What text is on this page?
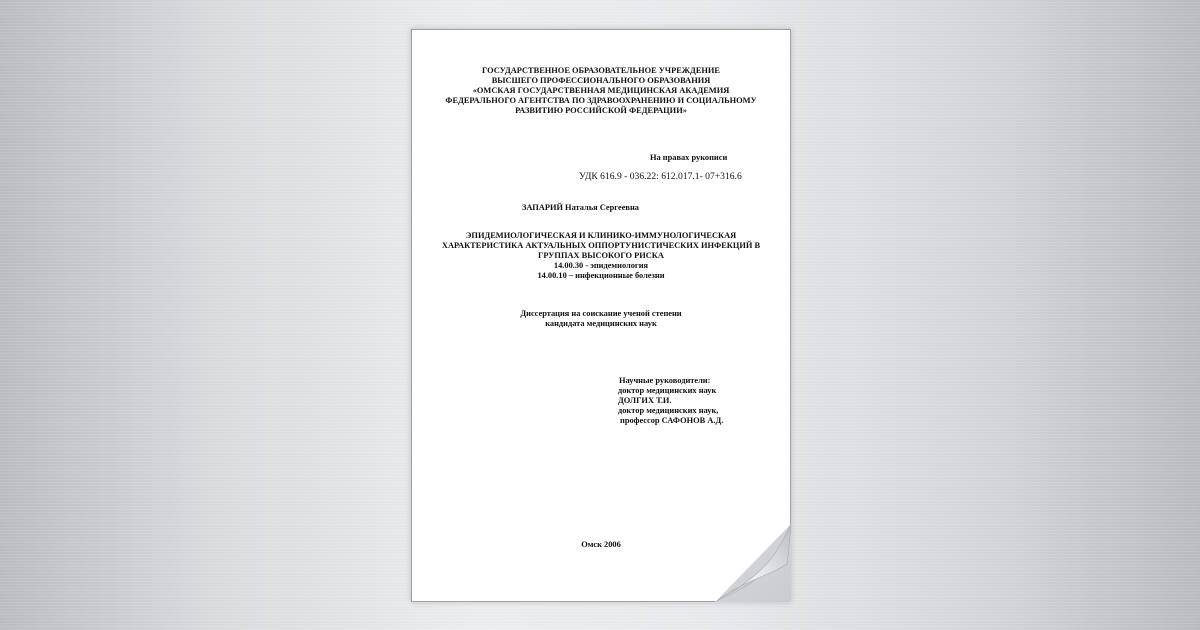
ГОСУДАРСТВЕННОЕ ОБРАЗОВАТЕЛЬНОЕ УЧРЕЖДЕНИЕ
ВЫСШЕГО ПРОФЕССИОНАЛЬНОГО ОБРАЗОВАНИЯ
«ОМСКАЯ ГОСУДАРСТВЕННАЯ МЕДИЦИНСКАЯ АКАДЕМИЯ
ФЕДЕРАЛЬНОГО АГЕНТСТВА ПО ЗДРАВООХРАНЕНИЮ И СОЦИАЛЬНОМУ
РАЗВИТИЮ РОССИЙСКОЙ ФЕДЕРАЦИИ»
На правах рукописи
УДК 616.9 - 036.22: 612.017.1- 07+316.6
ЗАПАРИЙ Наталья Сергеевна
ЭПИДЕМИОЛОГИЧЕСКАЯ И КЛИНИКО-ИММУНОЛОГИЧЕСКАЯ
ХАРАКТЕРИСТИКА АКТУАЛЬНЫХ ОППОРТУНИСТИЧЕСКИХ ИНФЕКЦИЙ В
ГРУППАХ ВЫСОКОГО РИСКА
14.00.30 - эпидемиология
14.00.10 – инфекционные болезни
Диссертация на соискание ученой степени
кандидата медицинских наук
Научные руководители:
доктор медицинских наук
ДОЛГИХ Т.И.
доктор медицинских наук,
профессор САФОНОВ А.Д.
Омск 2006
